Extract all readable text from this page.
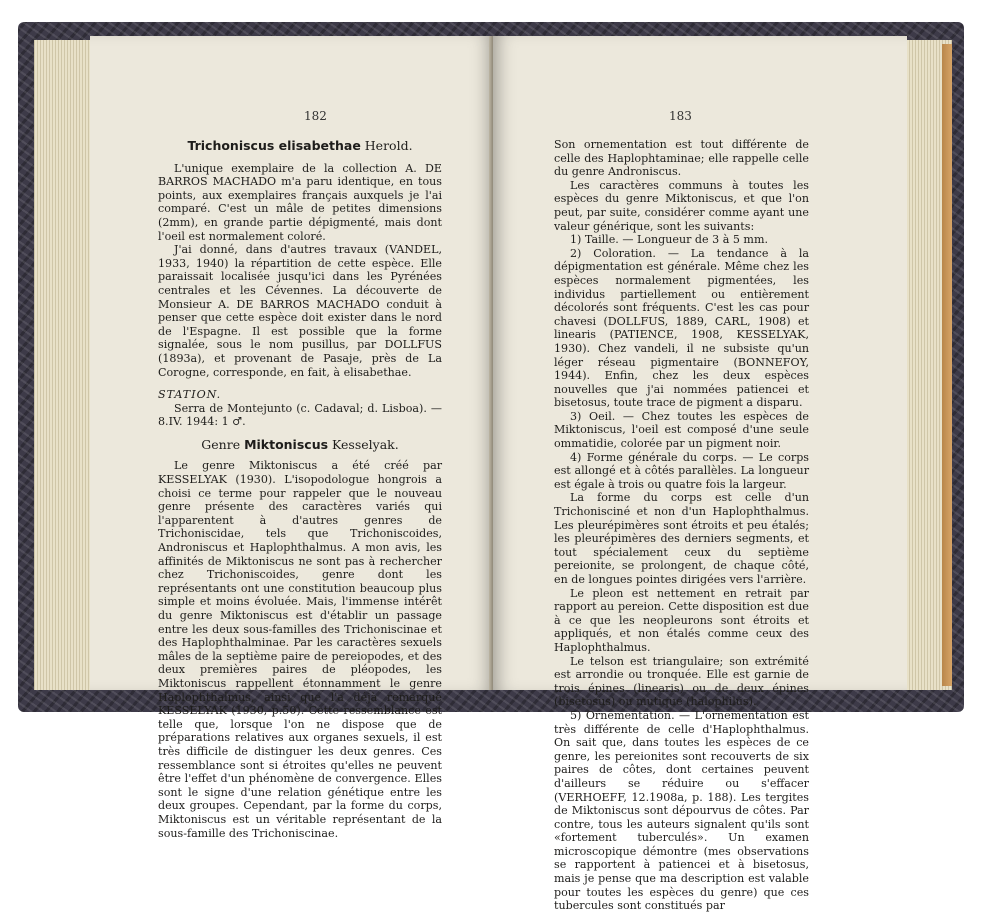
182

Trichoniscus elisabethae Herold.

L'unique exemplaire de la collection A. DE BARROS MACHADO m'a paru identique, en tous points, aux exemplaires français auxquels je l'ai comparé. C'est un mâle de petites dimensions (2mm), en grande partie dépigmenté, mais dont l'oeil est normalement coloré.

J'ai donné, dans d'autres travaux (VANDEL, 1933, 1940) la répartition de cette espèce. Elle paraissait localisée jusqu'ici dans les Pyrénées centrales et les Cévennes. La découverte de Monsieur A. DE BARROS MACHADO conduit à penser que cette espèce doit exister dans le nord de l'Espagne. Il est possible que la forme signalée, sous le nom pusillus, par DOLLFUS (1893a), et provenant de Pasaje, près de La Corogne, corresponde, en fait, à elisabethae.

STATION.

Serra de Montejunto (c. Cadaval; d. Lisboa). — 8.IV. 1944: 1 ♂.

Genre Miktoniscus Kesselyak.

Le genre Miktoniscus a été créé par KESSELYAK (1930). L'isopodologue hongrois a choisi ce terme pour rappeler que le nouveau genre présente des caractères variés qui l'apparentent à d'autres genres de Trichoniscidae, tels que Trichoniscoides, Androniscus et Haplophthalmus. A mon avis, les affinités de Miktoniscus ne sont pas à rechercher chez Trichoniscoides, genre dont les représentants ont une constitution beaucoup plus simple et moins évoluée. Mais, l'immense intérêt du genre Miktoniscus est d'établir un passage entre les deux sous-familles des Trichoniscinae et des Haplophthalminae. Par les caractères sexuels mâles de la septième paire de pereiopodes, et des deux premières paires de pléopodes, les Miktoniscus rappellent étonnamment le genre Haplophthalmus, ainsi que l'a déjà remarqué KESSELYAK (1930, p.50). Cette ressemblance est telle que, lorsque l'on ne dispose que de préparations relatives aux organes sexuels, il est très difficile de distinguer les deux genres. Ces ressemblance sont si étroites qu'elles ne peuvent être l'effet d'un phénomène de convergence. Elles sont le signe d'une relation génétique entre les deux groupes. Cependant, par la forme du corps, Miktoniscus est un véritable représentant de la sous-famille des Trichoniscinae.

183

Son ornementation est tout différente de celle des Haplophtaminae; elle rappelle celle du genre Androniscus.

Les caractères communs à toutes les espèces du genre Miktoniscus, et que l'on peut, par suite, considérer comme ayant une valeur générique, sont les suivants:

1) Taille. — Longueur de 3 à 5 mm.

2) Coloration. — La tendance à la dépigmentation est générale. Même chez les espèces normalement pigmentées, les individus partiellement ou entièrement décolorés sont fréquents. C'est les cas pour chavesi (DOLLFUS, 1889, CARL, 1908) et linearis (PATIENCE, 1908, KESSELYAK, 1930). Chez vandeli, il ne subsiste qu'un léger réseau pigmentaire (BONNEFOY, 1944). Enfin, chez les deux espèces nouvelles que j'ai nommées patiencei et bisetosus, toute trace de pigment a disparu.

3) Oeil. — Chez toutes les espèces de Miktoniscus, l'oeil est composé d'une seule ommatidie, colorée par un pigment noir.

4) Forme générale du corps. — Le corps est allongé et à côtés parallèles. La longueur est égale à trois ou quatre fois la largeur.

La forme du corps est celle d'un Trichonisciné et non d'un Haplophthalmus. Les pleurépimères sont étroits et peu étalés; les pleurépimères des derniers segments, et tout spécialement ceux du septième pereionite, se prolongent, de chaque côté, en de longues pointes dirigées vers l'arrière.

Le pleon est nettement en retrait par rapport au pereion. Cette disposition est due à ce que les neopleurons sont étroits et appliqués, et non étalés comme ceux des Haplophthalmus.

Le telson est triangulaire; son extrémité est arrondie ou tronquée. Elle est garnie de trois épines (linearis) ou de deux épines (bisetosus) ou mutique (halophilus).

5) Ornementation. — L'ornementation est très différente de celle d'Haplophthalmus. On sait que, dans toutes les espèces de ce genre, les pereionites sont recouverts de six paires de côtes, dont certaines peuvent d'ailleurs se réduire ou s'effacer (VERHOEFF, 12.1908a, p. 188). Les tergites de Miktoniscus sont dépourvus de côtes. Par contre, tous les auteurs signalent qu'ils sont «fortement tuberculés». Un examen microscopique démontre (mes observations se rapportent à patiencei et à bisetosus, mais je pense que ma description est valable pour toutes les espèces du genre) que ces tubercules sont constitués par
